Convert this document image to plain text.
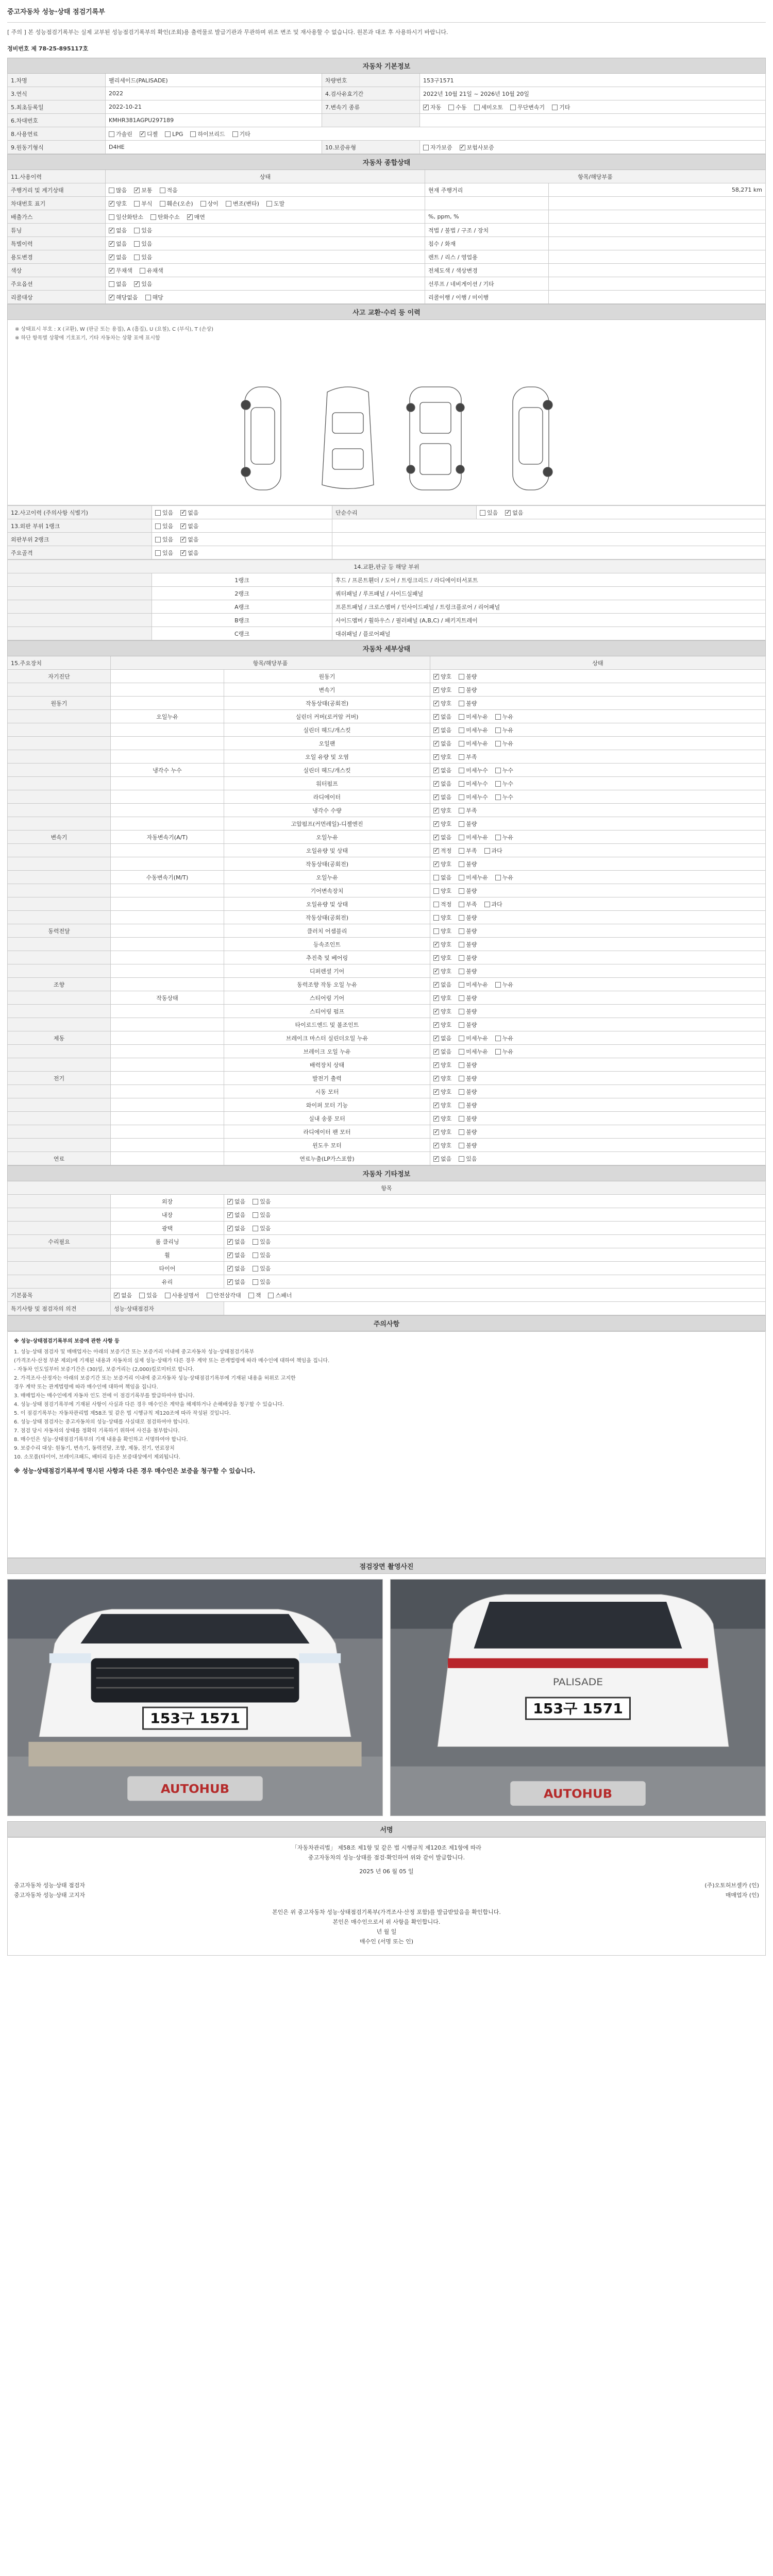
중고자동차 성능·상태 점검기록부
[ 주의 ] 본 성능점검기록부는 실제 교부된 성능점검기록부의 확인(조회)용 출력물로 발급기관과 무관하며 위조 변조 및 재사용할 수 없습니다. 원본과 대조 후 사용하시기 바랍니다.
정비번호 제 78-25-895117호
자동차 기본정보			
1.차명	팰리세이드(PALISADE)	차량번호	153구1571
3.연식	2022	4.검사유효기간	2022년 10월 21일 ~ 2026년 10월 20일
5.최초등록일	2022-10-21	7.변속기 종류	✓자동 수동 세미오토 무단변속기 기타
6.차대번호	KMHR381AGPU297189		
8.사용연료	가솔린 ✓ 디젤 LPG 하이브리드 기타
9.원동기형식	D4HE	10.보증유형	자가보증 ✓ 보험사보증
자동차 종합상태			
11.사용이력	상태	항목/해당부품	
주행거리 및 계기상태	많음 ✓ 보통 적음	현재 주행거리	58,271 km
차대번호 표기	✓양호 부식 훼손(오손) 상이 변조(변타) 도말		
배출가스	일산화탄소 탄화수소 ✓ 매연	%, ppm, %	
튜닝	✓없음 있음	적법 / 불법 / 구조 / 장치	
특별이력	✓없음 있음	침수 / 화재	
용도변경	✓없음 있음	렌트 / 리스 / 영업용	
색상	✓무채색 유채색	전체도색 / 색상변경	
주요옵션	없음 ✓ 있음	선루프 / 네비게이션 / 기타	
리콜대상	✓해당없음 해당	리콜이행 / 이행 / 미이행	
사고 교환·수리 등 이력
※ 상태표시 부호 : X (교환), W (판금 또는 용접), A (흠집), U (요철), C (부식), T (손상)
※ 하단 항목별 상황에 기호표기, 기타 자동차는 상황 표에 표시함
12.사고이력 (주의사항 식별기)	있음 ✓ 없음	단순수리	있음 ✓ 없음
13.외판 부위 1랭크	있음 ✓ 없음	
외판부위 2랭크	있음 ✓ 없음	
주요골격	있음 ✓ 없음	
14.교환,판금 등 해당 부위		
	1랭크	후드 / 프론트휀더 / 도어 / 트렁크리드 / 라디에이터서포트
	2랭크	쿼터패널 / 루프패널 / 사이드실패널
	A랭크	프론트패널 / 크로스멤버 / 인사이드패널 / 트렁크플로어 / 리어패널
	B랭크	사이드멤버 / 휠하우스 / 필러패널 (A,B,C) / 패키지트레이
	C랭크	대쉬패널 / 플로어패널
자동차 세부상태			
15.주요장치	항목/해당부품		상태
자기진단		원동기	✓양호 불량
		변속기	✓양호 불량
원동기		작동상태(공회전)	✓양호 불량
	오일누유	실린더 커버(로커암 커버)	✓없음 미세누유 누유
		실린더 헤드/개스킷	✓없음 미세누유 누유
		오일팬	✓없음 미세누유 누유
		오일 유량 및 오염	✓양호 부족
	냉각수 누수	실린더 헤드/개스킷	✓없음 미세누수 누수
		워터펌프	✓없음 미세누수 누수
		라디에이터	✓없음 미세누수 누수
		냉각수 수량	✓양호 부족
		고압펌프(커먼레일)-디젤엔진	✓양호 불량
변속기	자동변속기(A/T)	오일누유	✓없음 미세누유 누유
		오일유량 및 상태	✓적정 부족 과다
		작동상태(공회전)	✓양호 불량
	수동변속기(M/T)	오일누유	없음 미세누유 누유
		기어변속장치	양호 불량
		오일유량 및 상태	적정 부족 과다
		작동상태(공회전)	양호 불량
동력전달		클러치 어셈블리	양호 불량
		등속조인트	✓양호 불량
		추진축 및 베어링	✓양호 불량
		디퍼렌셜 기어	✓양호 불량
조향		동력조향 작동 오일 누유	✓없음 미세누유 누유
	작동상태	스티어링 기어	✓양호 불량
		스티어링 펌프	✓양호 불량
		타이로드엔드 및 볼조인트	✓양호 불량
제동		브레이크 마스터 실린더오일 누유	✓없음 미세누유 누유
		브레이크 오일 누유	✓없음 미세누유 누유
		배력장치 상태	✓양호 불량
전기		발전기 출력	✓양호 불량
		시동 모터	✓양호 불량
		와이퍼 모터 기능	✓양호 불량
		실내 송풍 모터	✓양호 불량
		라디에이터 팬 모터	✓양호 불량
		윈도우 모터	✓양호 불량
연료		연료누출(LP가스포함)	✓없음 있음
자동차 기타정보		
항목		
	외장	✓없음 있음
	내장	✓없음 있음
	광택	✓없음 있음
수리필요	룸 클리닝	✓없음 있음
	휠	✓없음 있음
	타이어	✓없음 있음
	유리	✓없음 있음
기본품목	✓없음 있음 사용설명서 안전삼각대 잭 스패너
특기사항 및 점검자의 의견	성능·상태점검자	
주의사항
※ 성능·상태점검기록부의 보증에 관한 사항 등
1. 성능·상태 점검자 및 매매업자는 아래의 보증기간 또는 보증거리 이내에 중고자동차 성능·상태점검기록부
(가격조사·산정 부분 제외)에 기재된 내용과 자동차의 실제 성능·상태가 다른 경우 계약 또는 관계법령에 따라 매수인에 대하여 책임을 집니다.
- 자동차 인도일부터 보증기간은 (30)일, 보증거리는 (2,000)킬로미터로 합니다.
2. 가격조사·산정자는 아래의 보증기간 또는 보증거리 이내에 중고자동차 성능·상태점검기록부에 기재된 내용을 허위로 고지한
경우 계약 또는 관계법령에 따라 매수인에 대하여 책임을 집니다.
3. 매매업자는 매수인에게 자동차 인도 전에 이 점검기록부를 발급하여야 합니다.
4. 성능·상태 점검기록부에 기재된 사항이 사실과 다른 경우 매수인은 계약을 해제하거나 손해배상을 청구할 수 있습니다.
5. 이 점검기록부는 자동차관리법 제58조 및 같은 법 시행규칙 제120조에 따라 작성된 것입니다.
6. 성능·상태 점검자는 중고자동차의 성능·상태를 사실대로 점검하여야 합니다.
7. 점검 당시 자동차의 상태를 정확히 기록하기 위하여 사진을 첨부합니다.
8. 매수인은 성능·상태점검기록부의 기재 내용을 확인하고 서명하여야 합니다.
9. 보증수리 대상: 원동기, 변속기, 동력전달, 조향, 제동, 전기, 연료장치
10. 소모품(타이어, 브레이크패드, 배터리 등)은 보증대상에서 제외됩니다.
※ 성능·상태점검기록부에 명시된 사항과 다른 경우 매수인은 보증을 청구할 수 있습니다.
점검장면 촬영사진
153구 1571
AUTOHUB
PALISADE
153구 1571
AUTOHUB
서명
「자동차관리법」 제58조 제1항 및 같은 법 시행규칙 제120조 제1항에 따라
중고자동차의 성능·상태를 점검·확인하여 위와 같이 발급합니다.
2025 년 06 월 05 일
중고자동차 성능·상태 점검자	(주)오토허브셀카 (인)
중고자동차 성능·상태 고지자	매매업자 (인)
본인은 위 중고자동차 성능·상태점검기록부(가격조사·산정 포함)를 발급받았음을 확인합니다.
본인은 매수인으로서 위 사항을 확인합니다.
년 월 일
매수인 (서명 또는 인)
